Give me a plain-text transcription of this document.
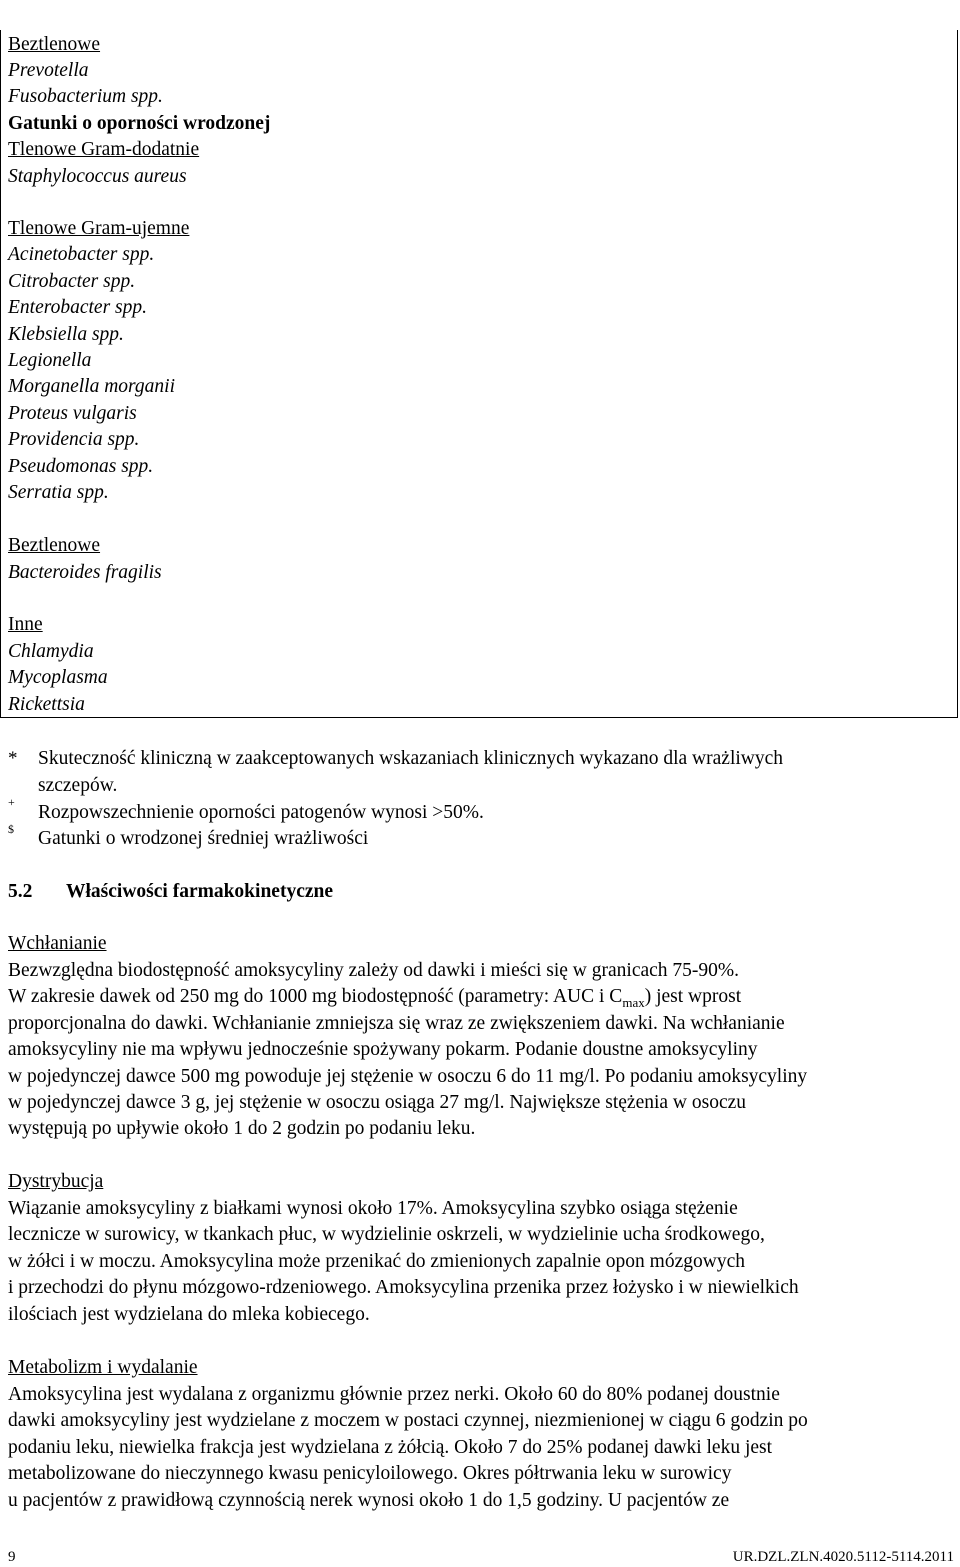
Beztlenowe
Prevotella
Fusobacterium spp.
Gatunki o oporności wrodzonej
Tlenowe Gram-dodatnie
Staphylococcus aureus
Tlenowe Gram-ujemne
Acinetobacter spp.
Citrobacter spp.
Enterobacter spp.
Klebsiella spp.
Legionella
Morganella morganii
Proteus vulgaris
Providencia spp.
Pseudomonas spp.
Serratia spp.
Beztlenowe
Bacteroides fragilis
Inne
Chlamydia
Mycoplasma
Rickettsia
* Skuteczność kliniczną w zaakceptowanych wskazaniach klinicznych wykazano dla wrażliwych
szczepów.
+ Rozpowszechnienie oporności patogenów wynosi >50%.
$ Gatunki o wrodzonej średniej wrażliwości
5.2 Właściwości farmakokinetyczne
Wchłanianie
Bezwzględna biodostępność amoksycyliny zależy od dawki i mieści się w granicach 75-90%.
W zakresie dawek od 250 mg do 1000 mg biodostępność (parametry: AUC i $C_{max}$) jest wprost
proporcjonalna do dawki. Wchłanianie zmniejsza się wraz ze zwiększeniem dawki. Na wchłanianie
amoksycyliny nie ma wpływu jednocześnie spożywany pokarm. Podanie doustne amoksycyliny
w pojedynczej dawce 500 mg powoduje jej stężenie w osoczu 6 do 11 mg/l. Po podaniu amoksycyliny
w pojedynczej dawce 3 g, jej stężenie w osoczu osiąga 27 mg/l. Największe stężenia w osoczu
występują po upływie około 1 do 2 godzin po podaniu leku.
Dystrybucja
Wiązanie amoksycyliny z białkami wynosi około 17%. Amoksycylina szybko osiąga stężenie
lecznicze w surowicy, w tkankach płuc, w wydzielinie oskrzeli, w wydzielinie ucha środkowego,
w żółci i w moczu. Amoksycylina może przenikać do zmienionych zapalnie opon mózgowych
i przechodzi do płynu mózgowo-rdzeniowego. Amoksycylina przenika przez łożysko i w niewielkich
ilościach jest wydzielana do mleka kobiecego.
Metabolizm i wydalanie
Amoksycylina jest wydalana z organizmu głównie przez nerki. Około 60 do 80% podanej doustnie
dawki amoksycyliny jest wydzielane z moczem w postaci czynnej, niezmienionej w ciągu 6 godzin po
podaniu leku, niewielka frakcja jest wydzielana z żółcią. Około 7 do 25% podanej dawki leku jest
metabolizowane do nieczynnego kwasu penicyloilowego. Okres półtrwania leku w surowicy
u pacjentów z prawidłową czynnością nerek wynosi około 1 do 1,5 godziny. U pacjentów ze
9	UR.DZL.ZLN.4020.5112-5114.2011
